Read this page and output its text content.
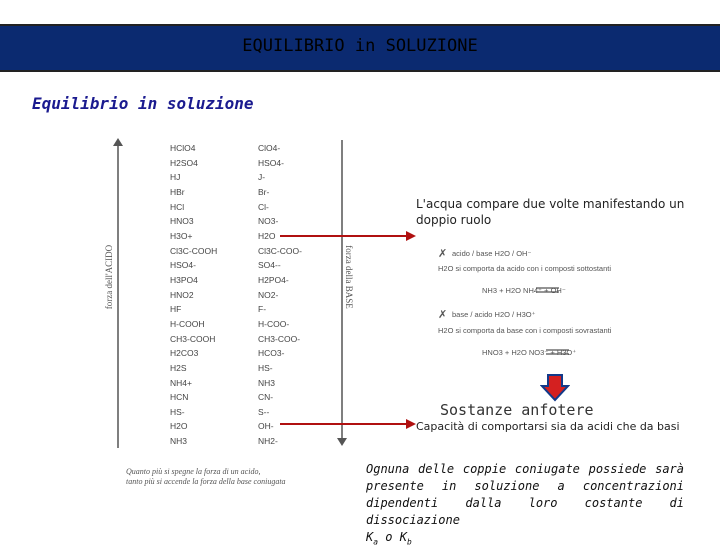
EQUILIBRIO in SOLUZIONE
Equilibrio in soluzione
forza dell'ACIDO	forza della BASE
HClO4
H2SO4
HJ
HBr
HCl
HNO3
H3O+
Cl3C-COOH
HSO4-
H3PO4
HNO2
HF
H-COOH
CH3-COOH
H2CO3
H2S
NH4+
HCN
HS-
H2O
NH3
ClO4-
HSO4-
J-
Br-
Cl-
NO3-
H2O
Cl3C-COO-
SO4--
H2PO4-
NO2-
F-
H-COO-
CH3-COO-
HCO3-
HS-
NH3
CN-
S--
OH-
NH2-
L'acqua compare due volte manifestando un doppio ruolo
✗ acido / base H2O / OH⁻
H2O si comporta da acido con i composti sottostanti
NH3 + H2O NH4⁺ + OH⁻
✗ base / acido H2O / H3O⁺
H2O si comporta da base con i composti sovrastanti
HNO3 + H2O NO3⁻ + H3O⁺
Sostanze anfotere
Capacità di comportarsi sia da acidi che da basi
Quanto più si spegne la forza di un acido,
tanto più si accende la forza della base coniugata
Ognuna delle coppie coniugate possiede sarà presente in soluzione a concentrazioni dipendenti dalla loro costante di dissociazione
$K_a$ o $K_b$
